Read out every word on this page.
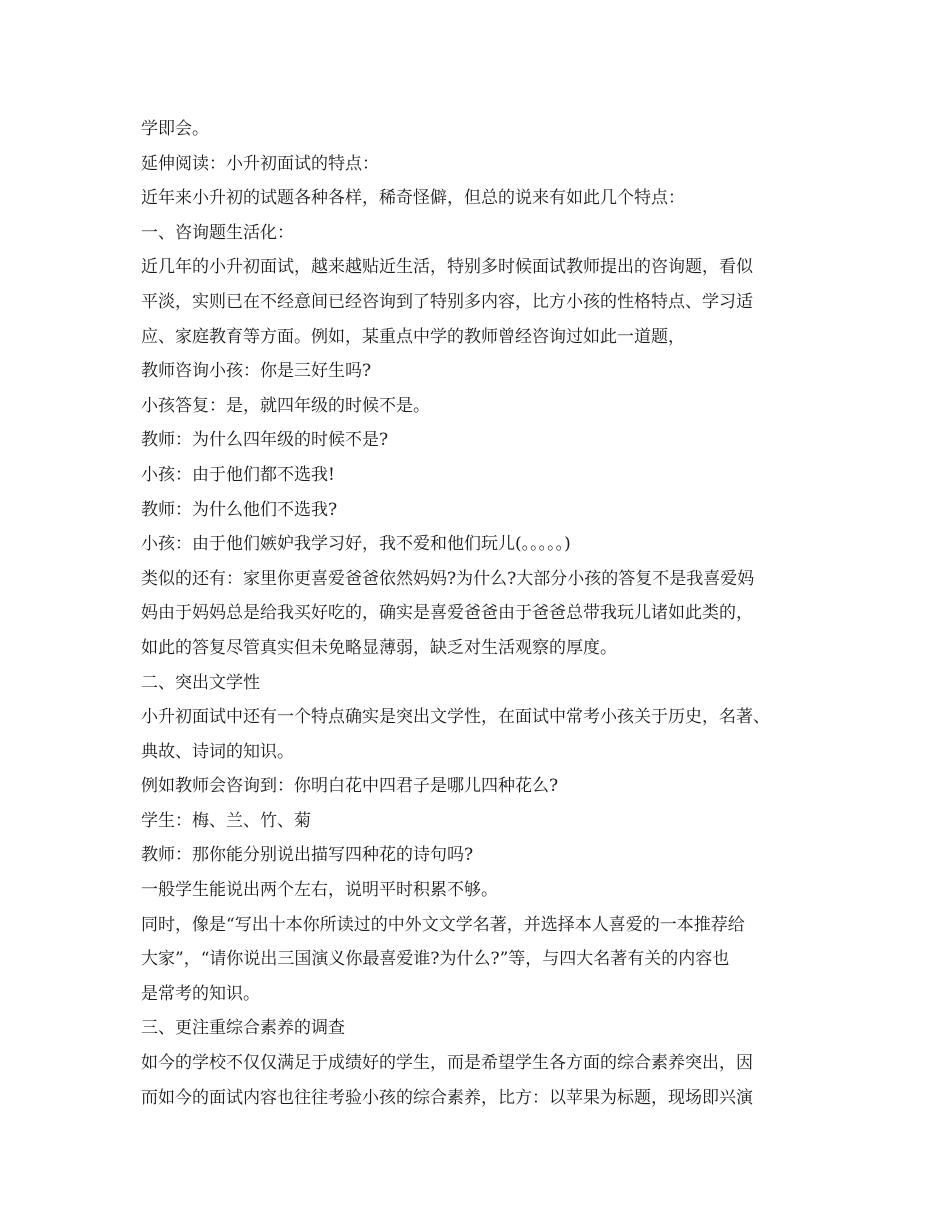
学即会。
延伸阅读：小升初面试的特点：
近年来小升初的试题各种各样，稀奇怪僻，但总的说来有如此几个特点：
一、咨询题生活化：
近几年的小升初面试，越来越贴近生活，特别多时候面试教师提出的咨询题，看似
平淡，实则已在不经意间已经咨询到了特别多内容，比方小孩的性格特点、学习适
应、家庭教育等方面。例如，某重点中学的教师曾经咨询过如此一道题，
教师咨询小孩：你是三好生吗?
小孩答复：是，就四年级的时候不是。
教师：为什么四年级的时候不是?
小孩：由于他们都不选我!
教师：为什么他们不选我?
小孩：由于他们嫉妒我学习好，我不爱和他们玩儿(。。。。。)
类似的还有：家里你更喜爱爸爸依然妈妈?为什么?大部分小孩的答复不是我喜爱妈
妈由于妈妈总是给我买好吃的，确实是喜爱爸爸由于爸爸总带我玩儿诸如此类的，
如此的答复尽管真实但未免略显薄弱，缺乏对生活观察的厚度。
二、突出文学性
小升初面试中还有一个特点确实是突出文学性，在面试中常考小孩关于历史，名著、
典故、诗词的知识。
例如教师会咨询到：你明白花中四君子是哪儿四种花么?
学生：梅、兰、竹、菊
教师：那你能分别说出描写四种花的诗句吗?
一般学生能说出两个左右，说明平时积累不够。
同时，像是“写出十本你所读过的中外文文学名著，并选择本人喜爱的一本推荐给
大家”，“请你说出三国演义你最喜爱谁?为什么?”等，与四大名著有关的内容也
是常考的知识。
三、更注重综合素养的调查
如今的学校不仅仅满足于成绩好的学生，而是希望学生各方面的综合素养突出，因
而如今的面试内容也往往考验小孩的综合素养，比方：以苹果为标题，现场即兴演
